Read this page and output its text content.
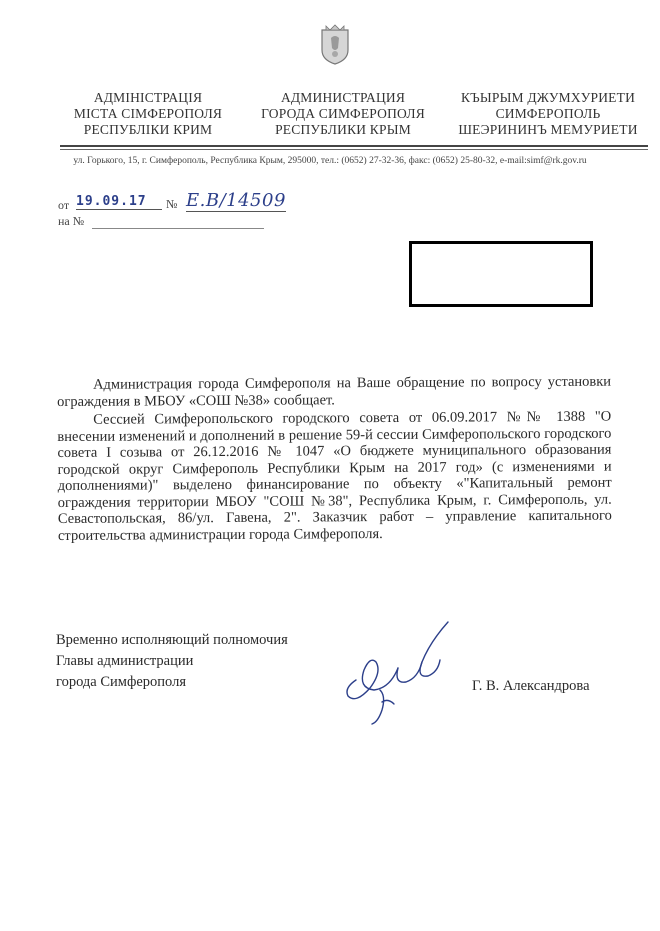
АДМІНІСТРАЦІЯ
МІСТА СІМФЕРОПОЛЯ
РЕСПУБЛІКИ КРИМ
АДМИНИСТРАЦИЯ
ГОРОДА СИМФЕРОПОЛЯ
РЕСПУБЛИКИ КРЫМ
КЪЫРЫМ ДЖУМХУРИЕТИ
СИМФЕРОПОЛЬ
ШЕЭРИНИНЪ МЕМУРИЕТИ
ул. Горького, 15, г. Симферополь, Республика Крым, 295000, тел.: (0652) 27-32-36, факс: (0652) 25-80-32, e-mail:simf@rk.gov.ru
от 19.09.17	№ Е.В/14509
на №

Администрация города Симферополя на Ваше обращение по вопросу установки ограждения в МБОУ «СОШ №38» сообщает.

Сессией Симферопольского городского совета от 06.09.2017 №№ 1388 "О внесении изменений и дополнений в решение 59-й сессии Симферопольского городского совета I созыва от 26.12.2016 № 1047 «О бюджете муниципального образования городской округ Симферополь Республики Крым на 2017 год» (с изменениями и дополнениями)" выделено финансирование по объекту «"Капитальный ремонт ограждения территории МБОУ "СОШ №38", Республика Крым, г. Симферополь, ул. Севастопольская, 86/ул. Гавена, 2". Заказчик работ – управление капитального строительства администрации города Симферополя.

Временно исполняющий полномочия
Главы администрации
города Симферополя	Г. В. Александрова
